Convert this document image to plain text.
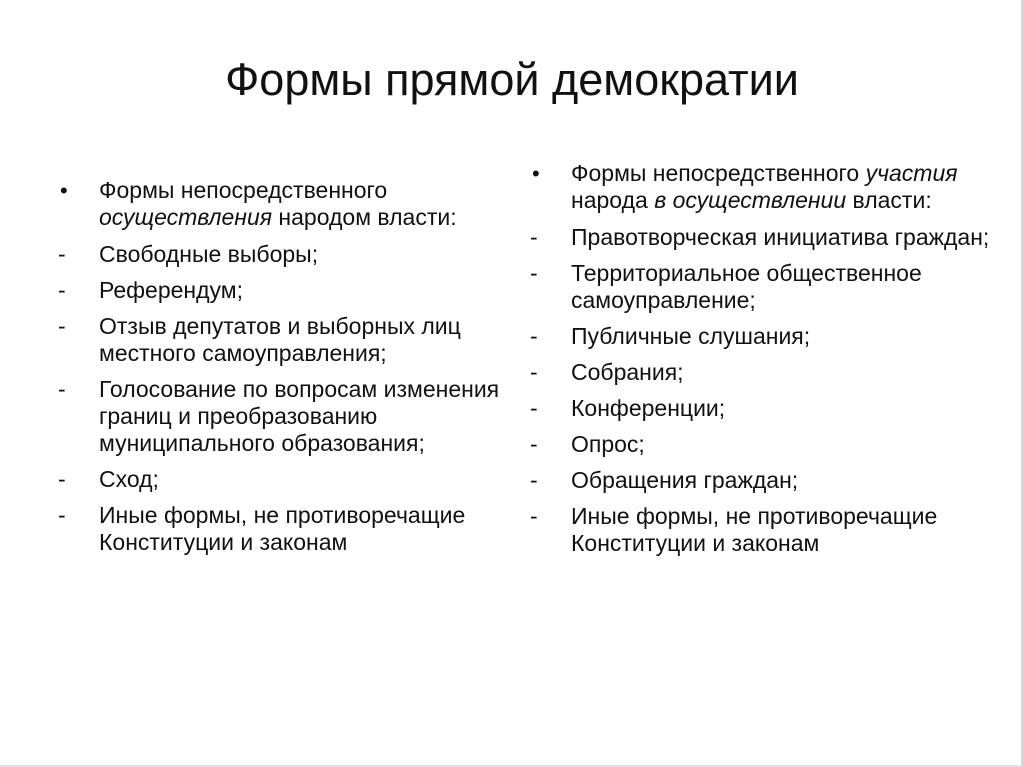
Формы прямой демократии
•	Формы непосредственного осуществления народом власти:
-	Свободные выборы;
-	Референдум;
-	Отзыв депутатов и выборных лиц местного самоуправления;
-	Голосование по вопросам изменения границ и преобразованию муниципального образования;
-	Сход;
-	Иные формы, не противоречащие Конституции и законам
•	Формы непосредственного участия народа в осуществлении власти:
-	Правотворческая инициатива граждан;
-	Территориальное общественное самоуправление;
-	Публичные слушания;
-	Собрания;
-	Конференции;
-	Опрос;
-	Обращения граждан;
-	Иные формы, не противоречащие Конституции и законам
